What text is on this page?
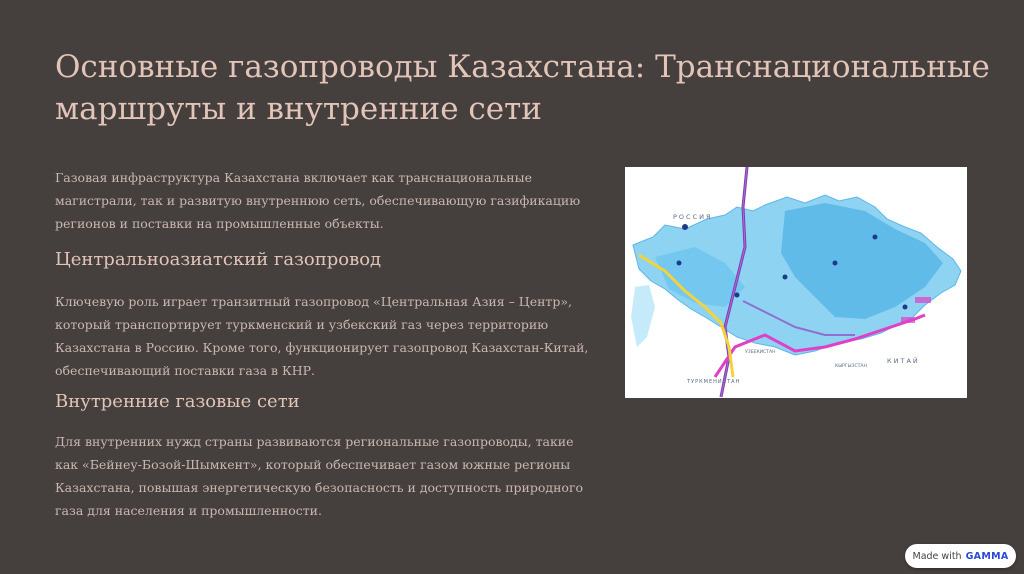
Основные газопроводы Казахстана: Транснациональные маршруты и внутренние сети

Газовая инфраструктура Казахстана включает как транснациональные магистрали, так и развитую внутреннюю сеть, обеспечивающую газификацию регионов и поставки на промышленные объекты.

Центральноазиатский газопровод

Ключевую роль играет транзитный газопровод «Центральная Азия – Центр», который транспортирует туркменский и узбекский газ через территорию Казахстана в Россию. Кроме того, функционирует газопровод Казахстан-Китай, обеспечивающий поставки газа в КНР.

Внутренние газовые сети

Для внутренних нужд страны развиваются региональные газопроводы, такие как «Бейнеу-Бозой-Шымкент», который обеспечивает газом южные регионы Казахстана, повышая энергетическую безопасность и доступность природного газа для населения и промышленности.

РОССИЯ
КИТАЙ
ТУРКМЕНИСТАН
КЫРГЫЗСТАН
УЗБЕКИСТАН
Made with GAMMA
